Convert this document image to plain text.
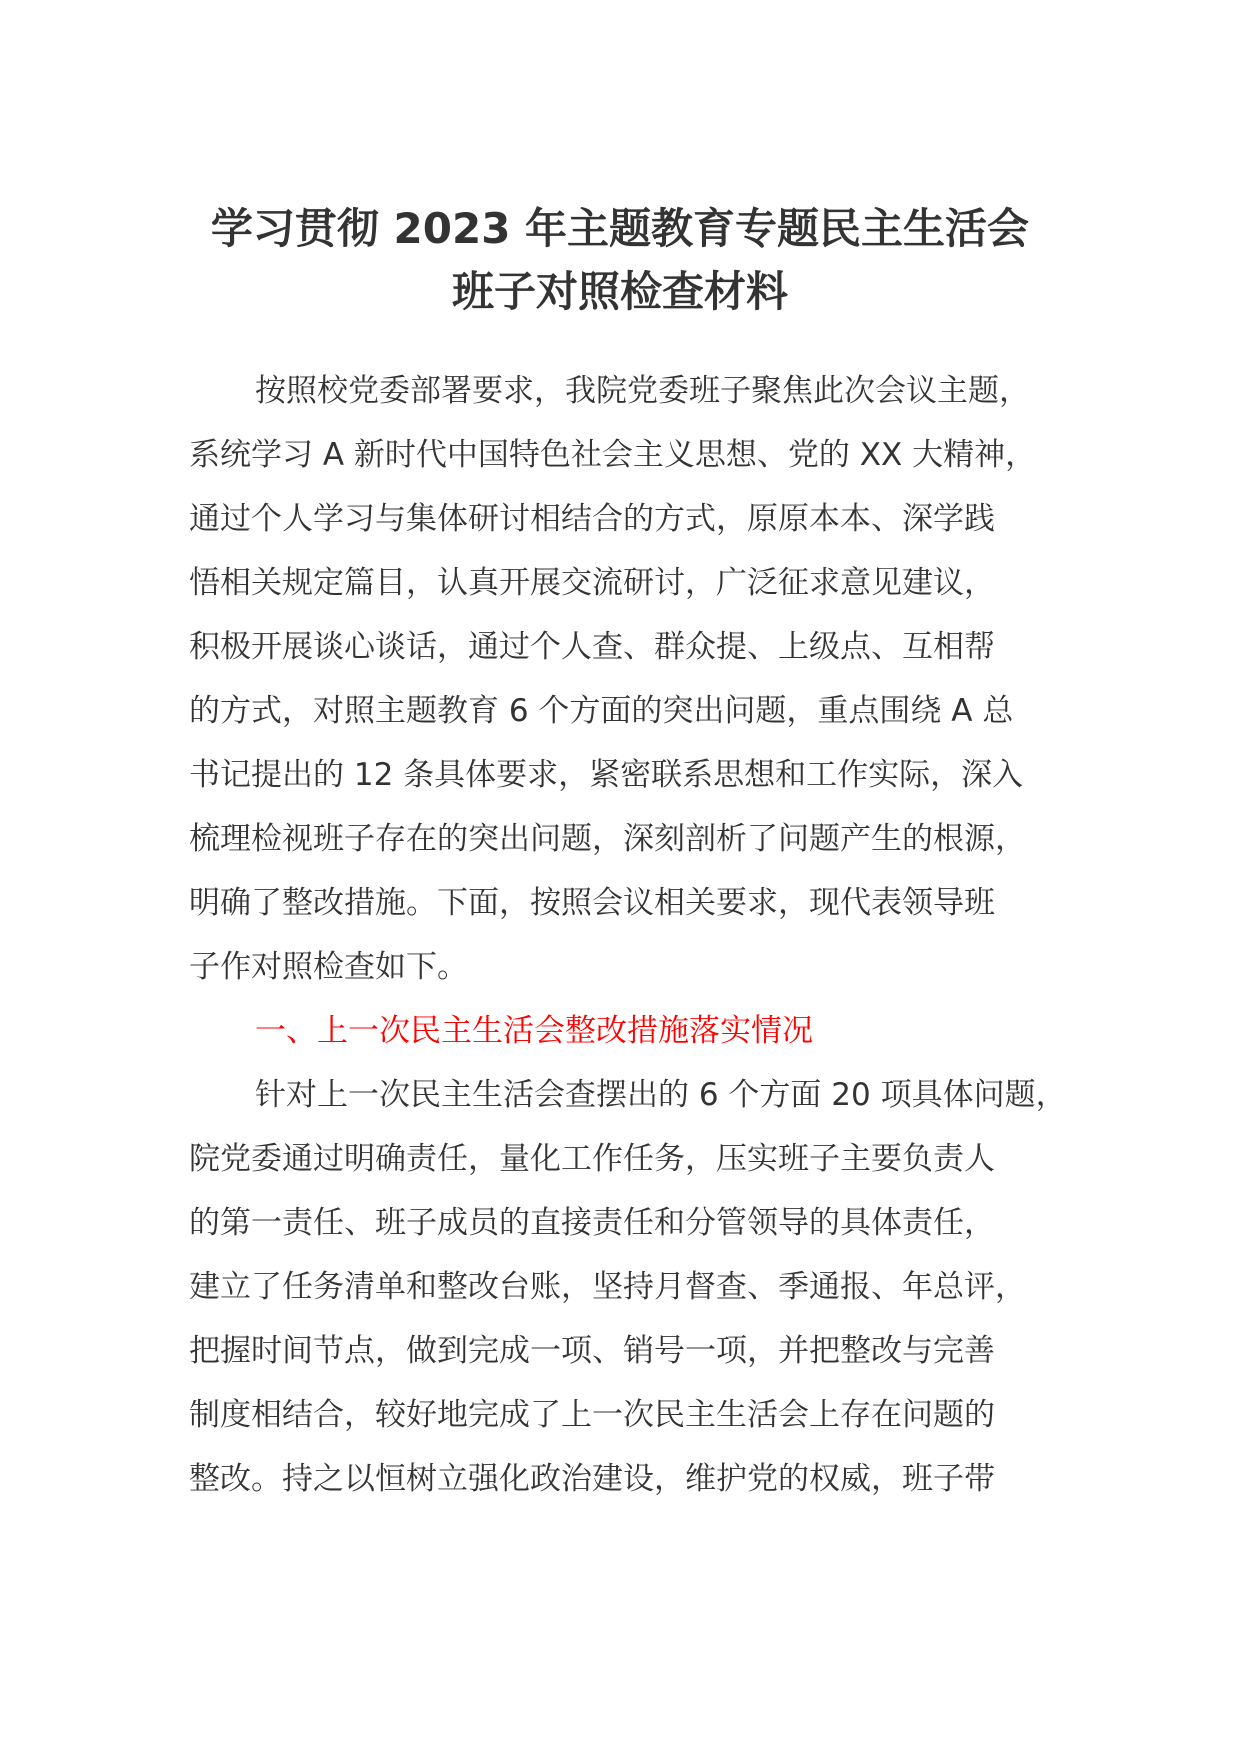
学习贯彻 2023 年主题教育专题民主生活会
班子对照检查材料
按照校党委部署要求，我院党委班子聚焦此次会议主题，
系统学习 A 新时代中国特色社会主义思想、党的 XX 大精神，
通过个人学习与集体研讨相结合的方式，原原本本、深学践
悟相关规定篇目，认真开展交流研讨，广泛征求意见建议，
积极开展谈心谈话，通过个人查、群众提、上级点、互相帮
的方式，对照主题教育 6 个方面的突出问题，重点围绕 A 总
书记提出的 12 条具体要求，紧密联系思想和工作实际，深入
梳理检视班子存在的突出问题，深刻剖析了问题产生的根源，
明确了整改措施。下面，按照会议相关要求，现代表领导班
子作对照检查如下。
一、上一次民主生活会整改措施落实情况
针对上一次民主生活会查摆出的 6 个方面 20 项具体问题，
院党委通过明确责任，量化工作任务，压实班子主要负责人
的第一责任、班子成员的直接责任和分管领导的具体责任，
建立了任务清单和整改台账，坚持月督查、季通报、年总评，
把握时间节点，做到完成一项、销号一项，并把整改与完善
制度相结合，较好地完成了上一次民主生活会上存在问题的
整改。持之以恒树立强化政治建设，维护党的权威，班子带
